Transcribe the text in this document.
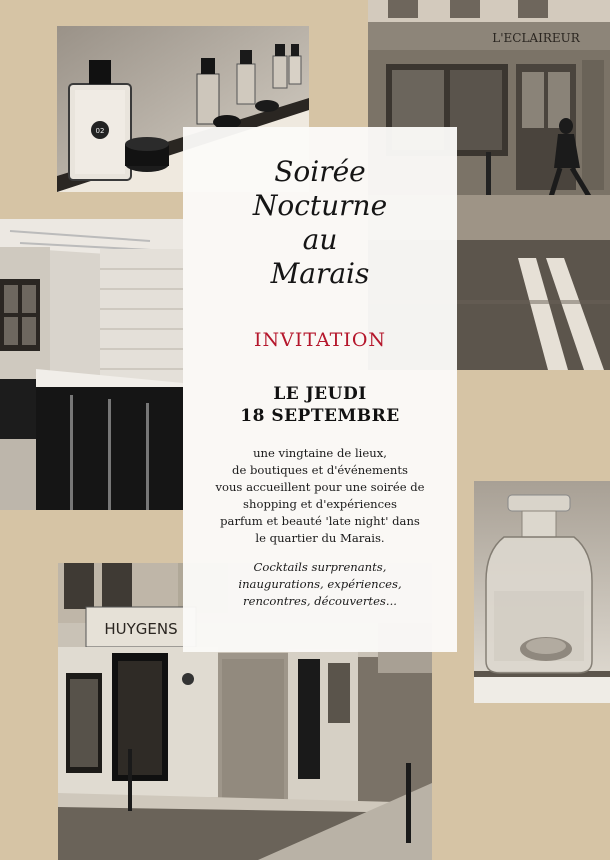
02
L'ECLAIREUR
HUYGENS
Soirée
Nocturne
au
Marais
INVITATION
LE JEUDI
18 SEPTEMBRE
une vingtaine de lieux,
de boutiques et d'événements
vous accueillent pour une soirée de
shopping et d'expériences
parfum et beauté 'late night' dans
le quartier du Marais.
Cocktails surprenants,
inaugurations, expériences,
rencontres, découvertes...
